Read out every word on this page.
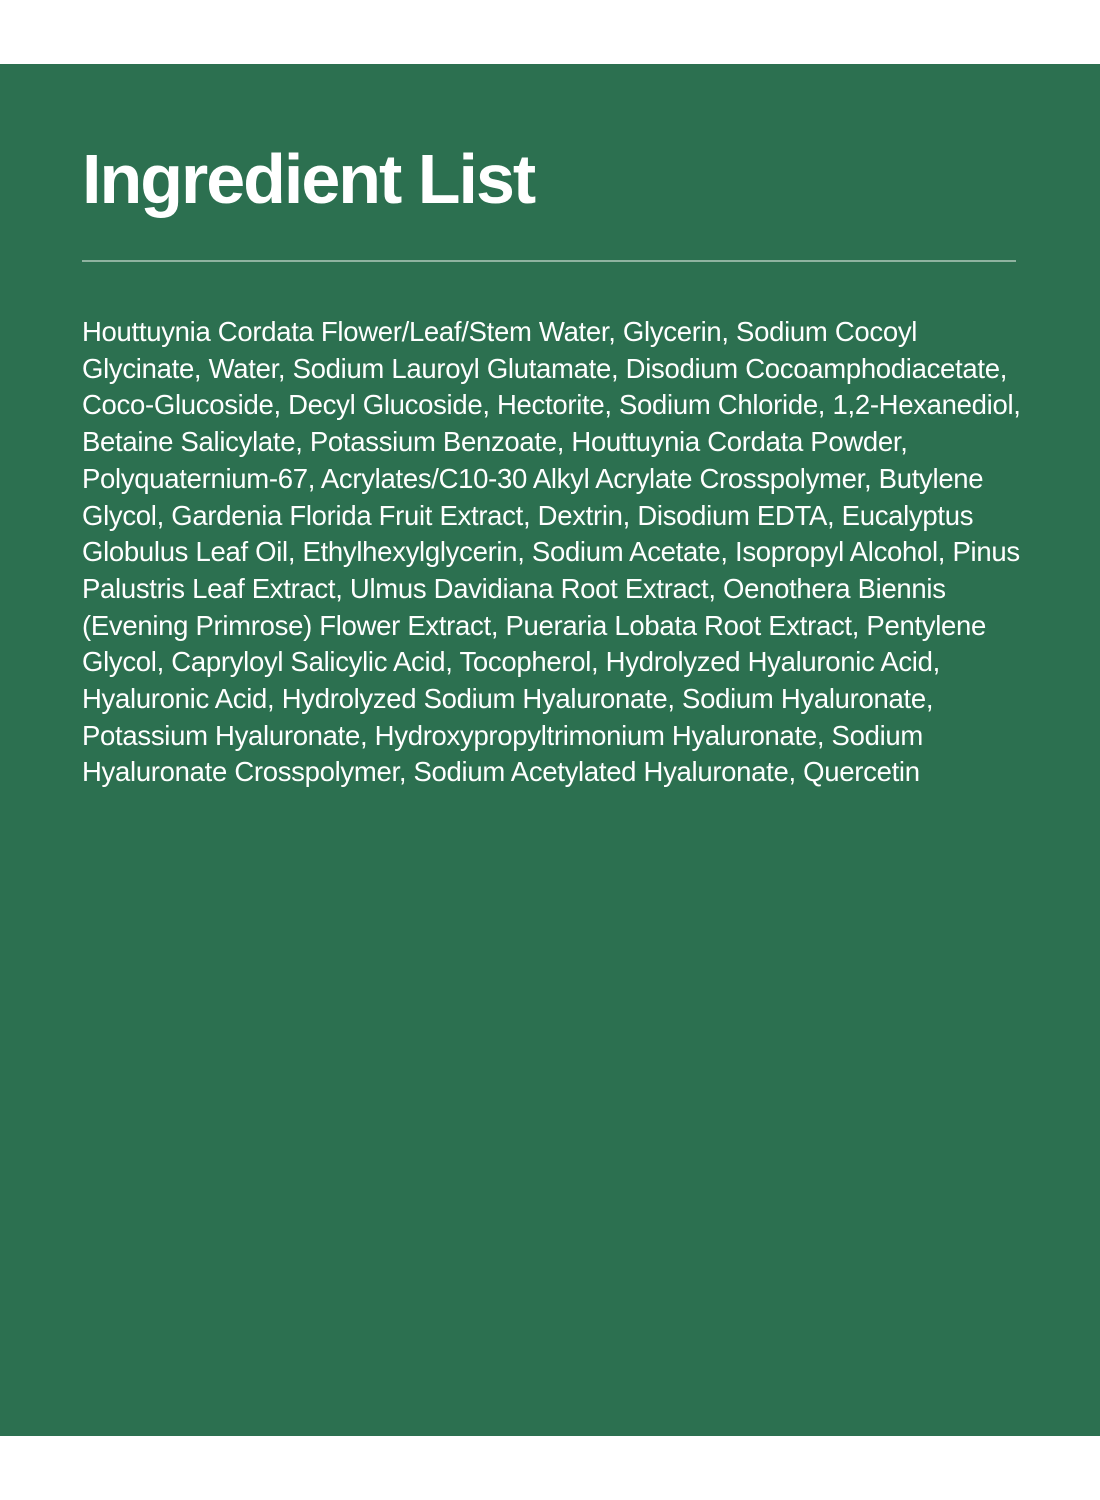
Ingredient List

Houttuynia Cordata Flower/Leaf/Stem Water, Glycerin, Sodium Cocoyl Glycinate, Water, Sodium Lauroyl Glutamate, Disodium Cocoamphodiacetate, Coco-Glucoside, Decyl Glucoside, Hectorite, Sodium Chloride, 1,2-Hexanediol, Betaine Salicylate, Potassium Benzoate, Houttuynia Cordata Powder, Polyquaternium-67, Acrylates/C10-30 Alkyl Acrylate Crosspolymer, Butylene Glycol, Gardenia Florida Fruit Extract, Dextrin, Disodium EDTA, Eucalyptus Globulus Leaf Oil, Ethylhexylglycerin, Sodium Acetate, Isopropyl Alcohol, Pinus Palustris Leaf Extract, Ulmus Davidiana Root Extract, Oenothera Biennis (Evening Primrose) Flower Extract, Pueraria Lobata Root Extract, Pentylene Glycol, Capryloyl Salicylic Acid, Tocopherol, Hydrolyzed Hyaluronic Acid, Hyaluronic Acid, Hydrolyzed Sodium Hyaluronate, Sodium Hyaluronate, Potassium Hyaluronate, Hydroxypropyltrimonium Hyaluronate, Sodium Hyaluronate Crosspolymer, Sodium Acetylated Hyaluronate, Quercetin
